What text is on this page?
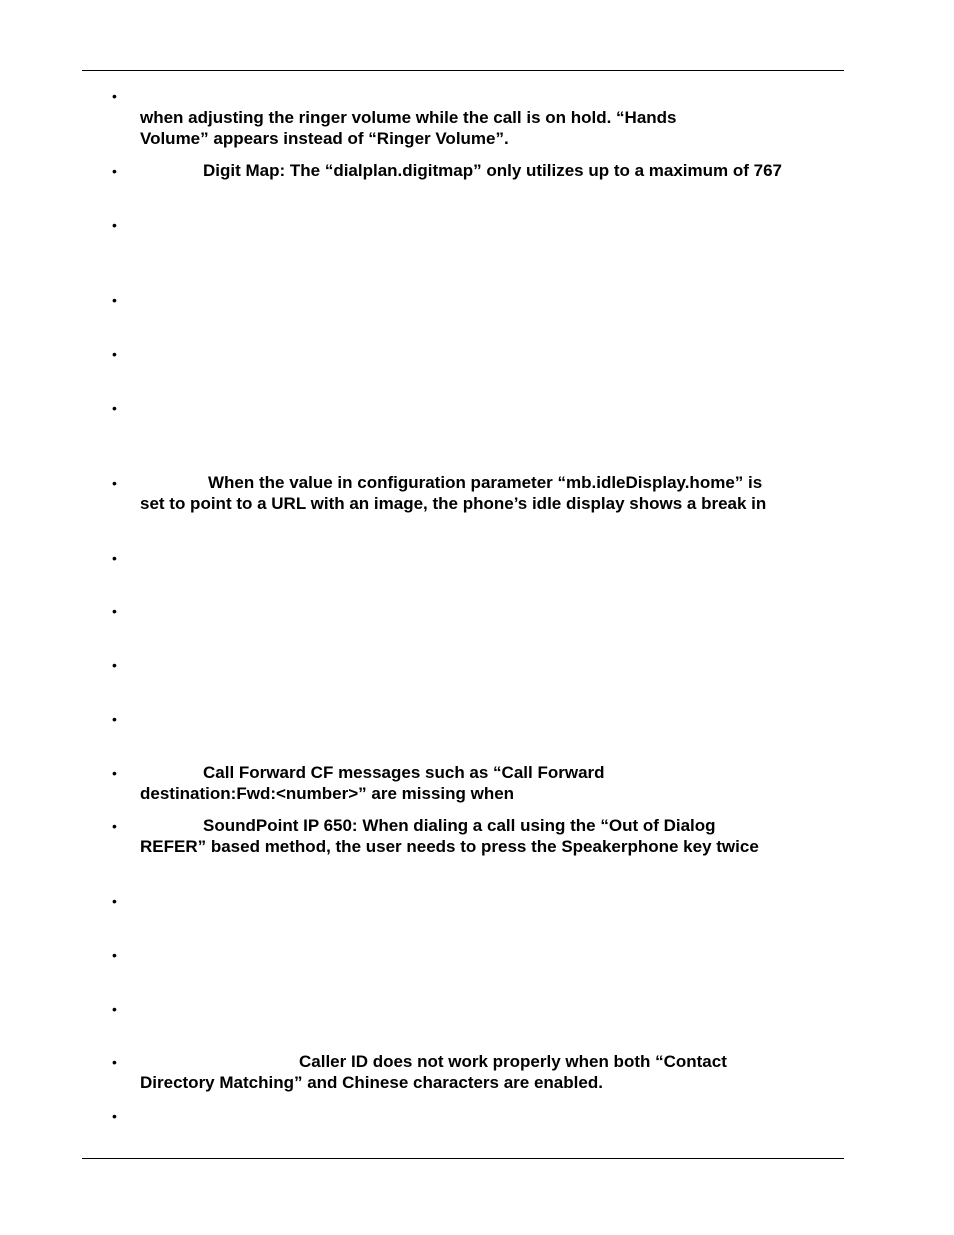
•
when adjusting the ringer volume while the call is on hold. “Hands
Volume” appears instead of “Ringer Volume”.
•	Digit Map: The “dialplan.digitmap” only utilizes up to a maximum of 767
•
•
•
•
•	When the value in configuration parameter “mb.idleDisplay.home” is
set to point to a URL with an image, the phone’s idle display shows a break in
•
•
•
•
•	Call Forward CF messages such as “Call Forward
destination:Fwd:<number>” are missing when
•	SoundPoint IP 650: When dialing a call using the “Out of Dialog
REFER” based method, the user needs to press the Speakerphone key twice
•
•
•
•	Caller ID does not work properly when both “Contact
Directory Matching” and Chinese characters are enabled.
•
